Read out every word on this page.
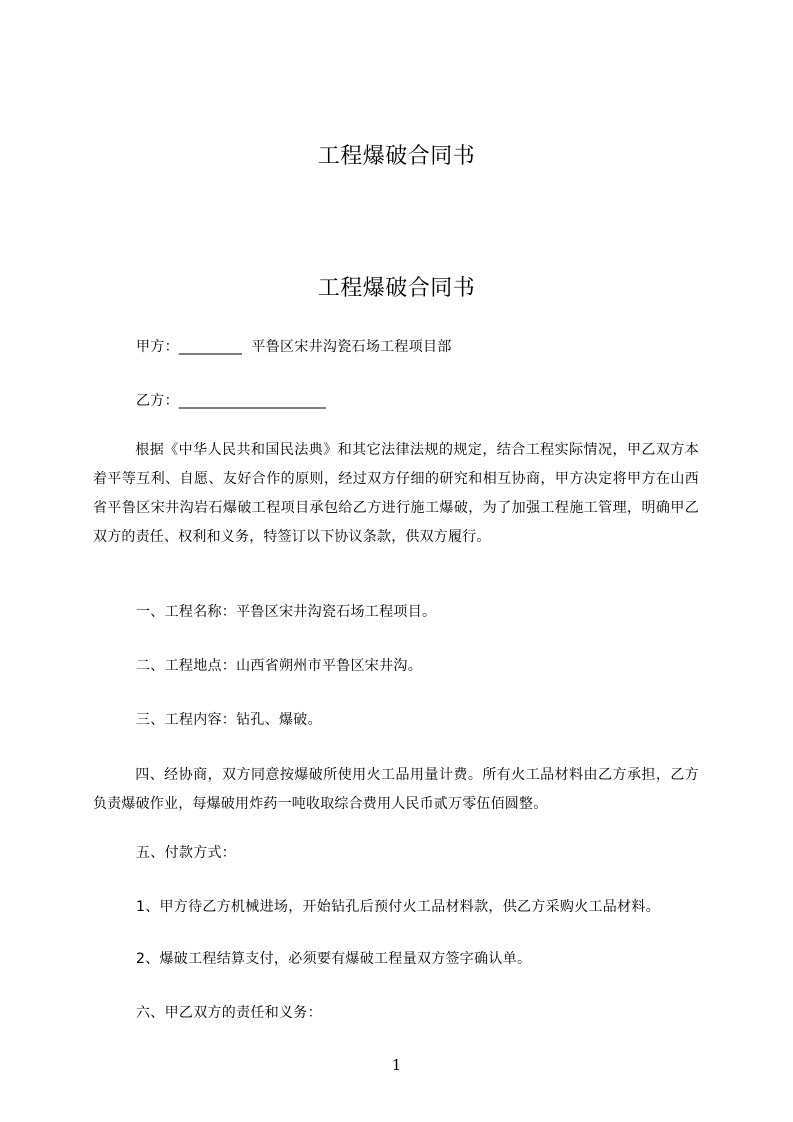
工程爆破合同书
工程爆破合同书
甲方：_________ 平鲁区宋井沟瓷石场工程项目部
乙方：_____________________
根据《中华人民共和国民法典》和其它法律法规的规定，结合工程实际情况，甲乙双方本着平等互利、自愿、友好合作的原则，经过双方仔细的研究和相互协商，甲方决定将甲方在山西省平鲁区宋井沟岩石爆破工程项目承包给乙方进行施工爆破，为了加强工程施工管理，明确甲乙双方的责任、权利和义务，特签订以下协议条款，供双方履行。
一、工程名称：平鲁区宋井沟瓷石场工程项目。
二、工程地点：山西省朔州市平鲁区宋井沟。
三、工程内容：钻孔、爆破。
四、经协商，双方同意按爆破所使用火工品用量计费。所有火工品材料由乙方承担，乙方负责爆破作业，每爆破用炸药一吨收取综合费用人民币贰万零伍佰圆整。
五、付款方式：
1、甲方待乙方机械进场，开始钻孔后预付火工品材料款，供乙方采购火工品材料。
2、爆破工程结算支付，必须要有爆破工程量双方签字确认单。
六、甲乙双方的责任和义务：
1
